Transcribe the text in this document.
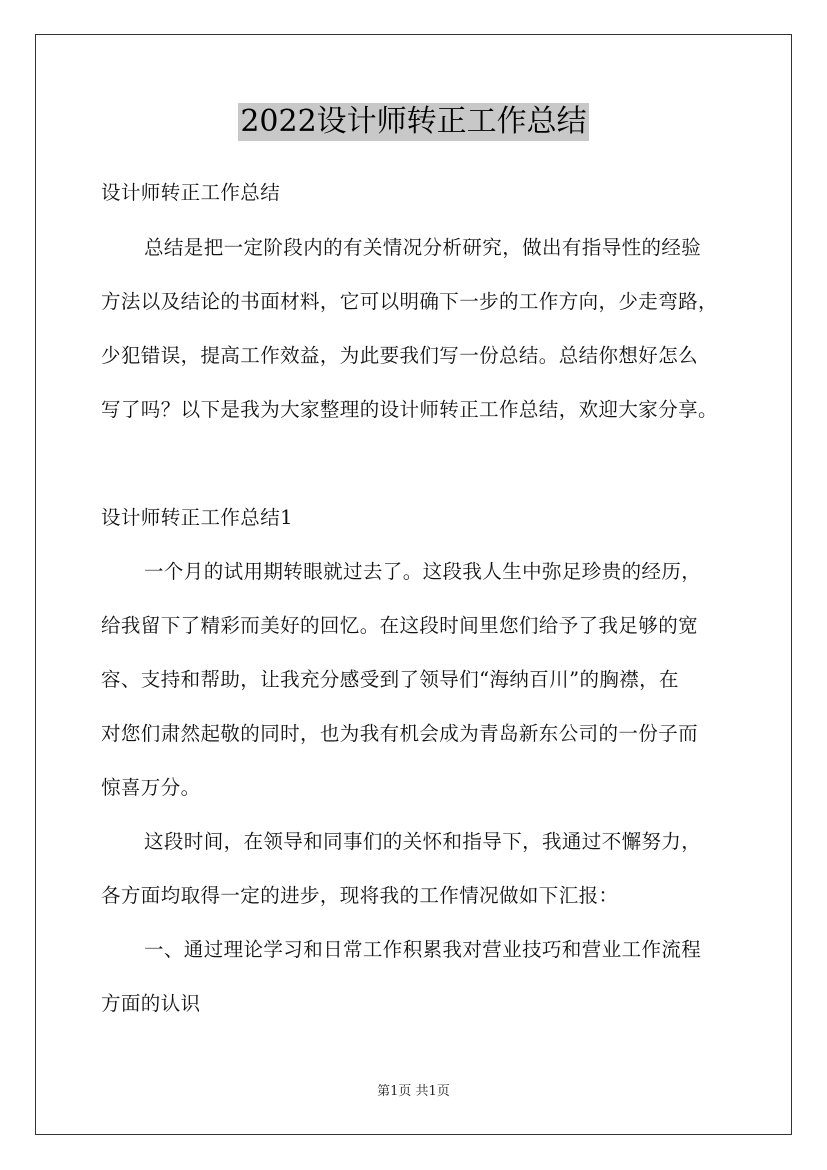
2022设计师转正工作总结
设计师转正工作总结
总结是把一定阶段内的有关情况分析研究，做出有指导性的经验
方法以及结论的书面材料，它可以明确下一步的工作方向，少走弯路，
少犯错误，提高工作效益，为此要我们写一份总结。总结你想好怎么
写了吗？以下是我为大家整理的设计师转正工作总结，欢迎大家分享。
设计师转正工作总结1
一个月的试用期转眼就过去了。这段我人生中弥足珍贵的经历，
给我留下了精彩而美好的回忆。在这段时间里您们给予了我足够的宽
容、支持和帮助，让我充分感受到了领导们“海纳百川”的胸襟，在
对您们肃然起敬的同时，也为我有机会成为青岛新东公司的一份子而
惊喜万分。
这段时间，在领导和同事们的关怀和指导下，我通过不懈努力，
各方面均取得一定的进步，现将我的工作情况做如下汇报：
一、通过理论学习和日常工作积累我对营业技巧和营业工作流程
方面的认识
第1页 共1页
